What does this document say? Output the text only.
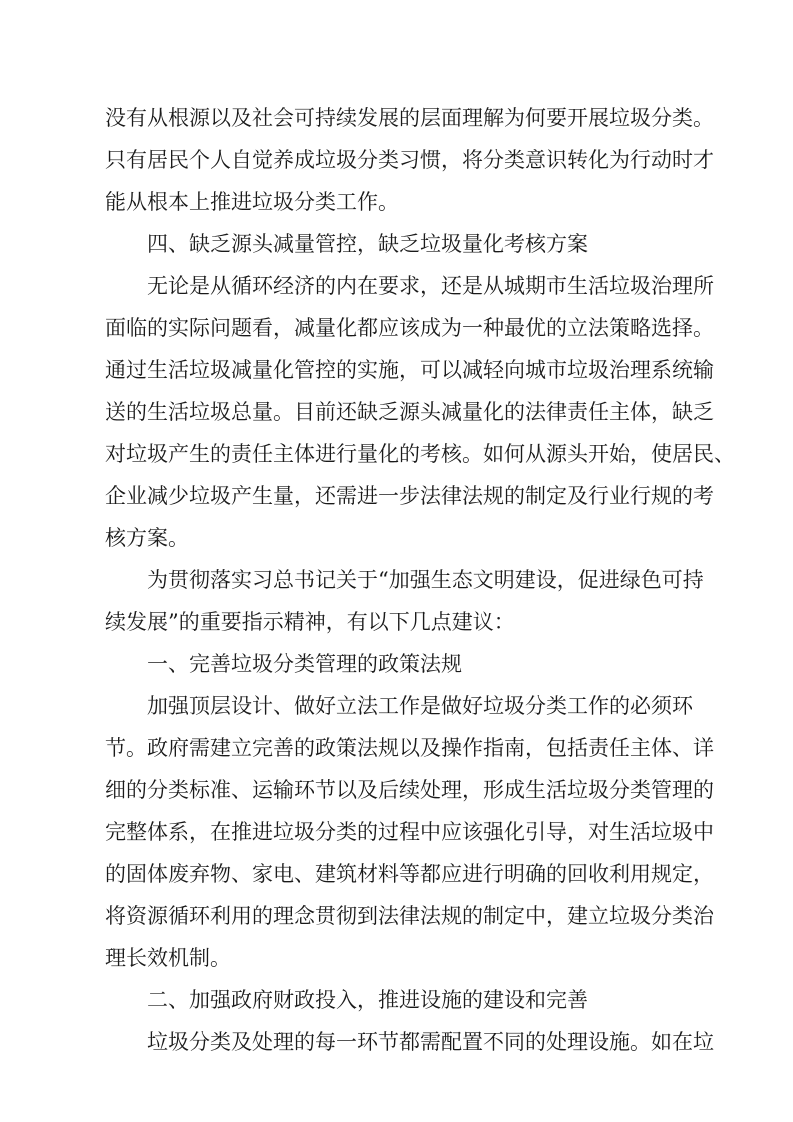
没有从根源以及社会可持续发展的层面理解为何要开展垃圾分类。
只有居民个人自觉养成垃圾分类习惯，将分类意识转化为行动时才
能从根本上推进垃圾分类工作。
四、缺乏源头减量管控，缺乏垃圾量化考核方案
无论是从循环经济的内在要求，还是从城期市生活垃圾治理所
面临的实际问题看，减量化都应该成为一种最优的立法策略选择。
通过生活垃圾减量化管控的实施，可以减轻向城市垃圾治理系统输
送的生活垃圾总量。目前还缺乏源头减量化的法律责任主体，缺乏
对垃圾产生的责任主体进行量化的考核。如何从源头开始，使居民、
企业减少垃圾产生量，还需进一步法律法规的制定及行业行规的考
核方案。
为贯彻落实习总书记关于“加强生态文明建设，促进绿色可持
续发展”的重要指示精神，有以下几点建议：
一、完善垃圾分类管理的政策法规
加强顶层设计、做好立法工作是做好垃圾分类工作的必须环
节。政府需建立完善的政策法规以及操作指南，包括责任主体、详
细的分类标准、运输环节以及后续处理，形成生活垃圾分类管理的
完整体系，在推进垃圾分类的过程中应该强化引导，对生活垃圾中
的固体废弃物、家电、建筑材料等都应进行明确的回收利用规定，
将资源循环利用的理念贯彻到法律法规的制定中，建立垃圾分类治
理长效机制。
二、加强政府财政投入，推进设施的建设和完善
垃圾分类及处理的每一环节都需配置不同的处理设施。如在垃
